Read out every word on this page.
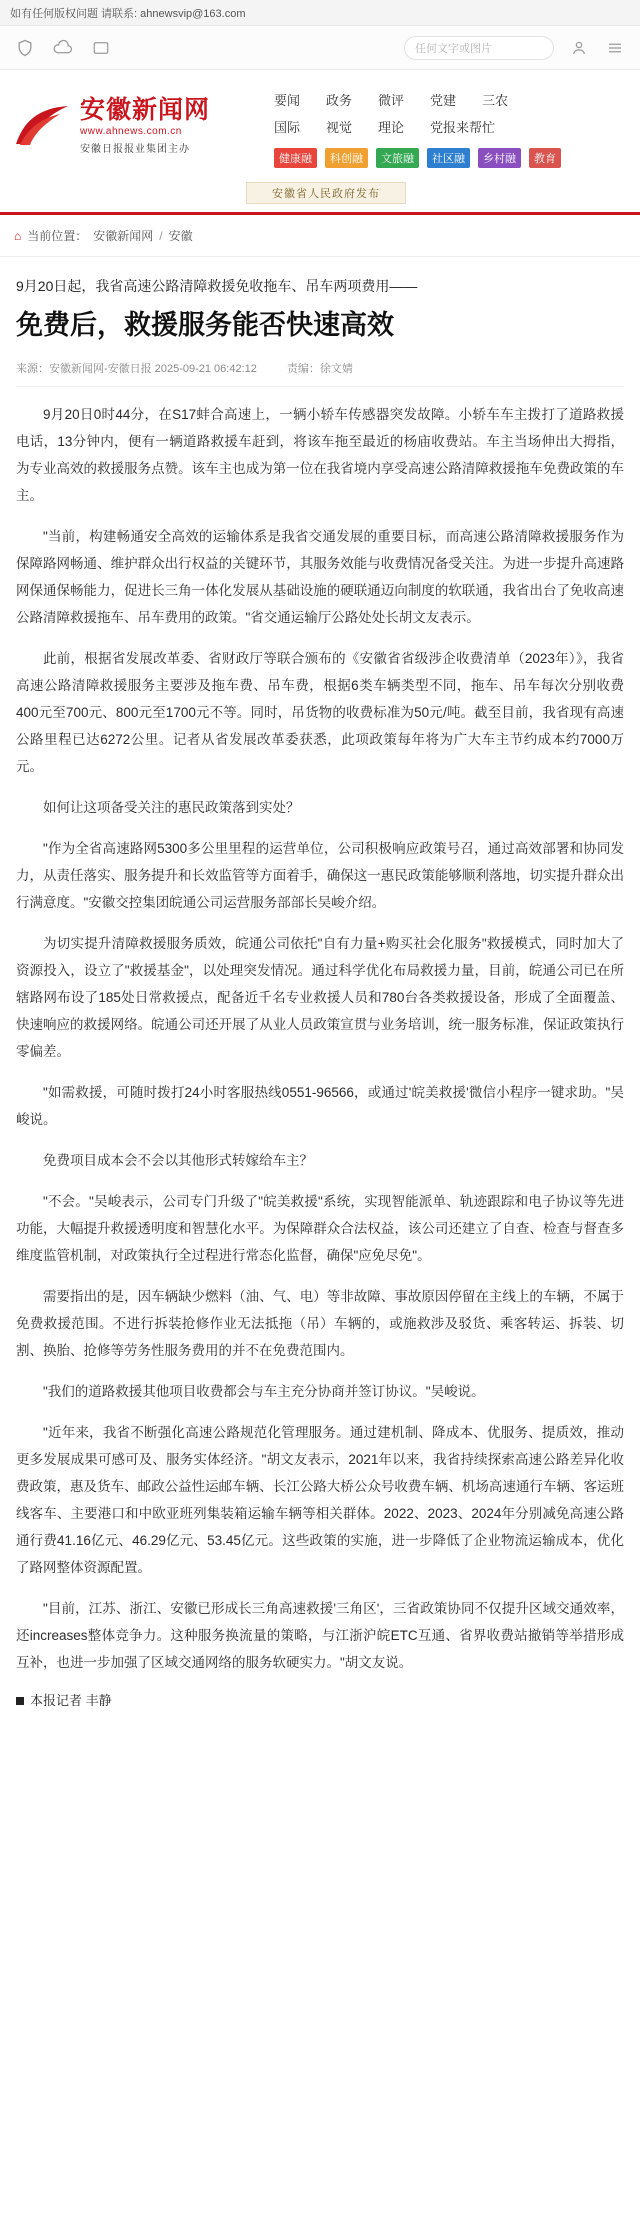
如有任何版权问题 请联系: ahnewsvip@163.com
任何文字或图片
安徽新闻网
www.ahnews.com.cn
安徽日报报业集团主办
要闻 政务 微评 党建 三农
国际 视觉 理论 党报来帮忙
健康融	科创融	文旅融	社区融	乡村融	教育
安徽省人民政府发布
⌂ 当前位置： 安徽新闻网 / 安徽
9月20日起，我省高速公路清障救援免收拖车、吊车两项费用——
免费后，救援服务能否快速高效
来源：安徽新闻网-安徽日报 2025-09-21 06:42:12	责编：徐文婧

9月20日0时44分，在S17蚌合高速上，一辆小轿车传感器突发故障。小轿车车主拨打了道路救援电话，13分钟内，便有一辆道路救援车赶到，将该车拖至最近的杨庙收费站。车主当场伸出大拇指，为专业高效的救援服务点赞。该车主也成为第一位在我省境内享受高速公路清障救援拖车免费政策的车主。

"当前，构建畅通安全高效的运输体系是我省交通发展的重要目标，而高速公路清障救援服务作为保障路网畅通、维护群众出行权益的关键环节，其服务效能与收费情况备受关注。为进一步提升高速路网保通保畅能力，促进长三角一体化发展从基础设施的硬联通迈向制度的软联通，我省出台了免收高速公路清障救援拖车、吊车费用的政策。"省交通运输厅公路处处长胡文友表示。

此前，根据省发展改革委、省财政厅等联合颁布的《安徽省省级涉企收费清单（2023年）》，我省高速公路清障救援服务主要涉及拖车费、吊车费，根据6类车辆类型不同，拖车、吊车每次分别收费400元至700元、800元至1700元不等。同时，吊货物的收费标准为50元/吨。截至目前，我省现有高速公路里程已达6272公里。记者从省发展改革委获悉，此项政策每年将为广大车主节约成本约7000万元。

如何让这项备受关注的惠民政策落到实处？

"作为全省高速路网5300多公里里程的运营单位，公司积极响应政策号召，通过高效部署和协同发力，从责任落实、服务提升和长效监管等方面着手，确保这一惠民政策能够顺利落地，切实提升群众出行满意度。"安徽交控集团皖通公司运营服务部部长吴峻介绍。

为切实提升清障救援服务质效，皖通公司依托"自有力量+购买社会化服务"救援模式，同时加大了资源投入，设立了"救援基金"，以处理突发情况。通过科学优化布局救援力量，目前，皖通公司已在所辖路网布设了185处日常救援点，配备近千名专业救援人员和780台各类救援设备，形成了全面覆盖、快速响应的救援网络。皖通公司还开展了从业人员政策宣贯与业务培训，统一服务标准，保证政策执行零偏差。

"如需救援，可随时拨打24小时客服热线0551-96566，或通过'皖美救援'微信小程序一键求助。"吴峻说。

免费项目成本会不会以其他形式转嫁给车主？

"不会。"吴峻表示，公司专门升级了"皖美救援"系统，实现智能派单、轨迹跟踪和电子协议等先进功能，大幅提升救援透明度和智慧化水平。为保障群众合法权益，该公司还建立了自查、检查与督查多维度监管机制，对政策执行全过程进行常态化监督，确保"应免尽免"。

需要指出的是，因车辆缺少燃料（油、气、电）等非故障、事故原因停留在主线上的车辆，不属于免费救援范围。不进行拆装抢修作业无法抵拖（吊）车辆的，或施救涉及驳货、乘客转运、拆装、切割、换胎、抢修等劳务性服务费用的并不在免费范围内。

"我们的道路救援其他项目收费都会与车主充分协商并签订协议。"吴峻说。

"近年来，我省不断强化高速公路规范化管理服务。通过建机制、降成本、优服务、提质效，推动更多发展成果可感可及、服务实体经济。"胡文友表示，2021年以来，我省持续探索高速公路差异化收费政策，惠及货车、邮政公益性运邮车辆、长江公路大桥公众号收费车辆、机场高速通行车辆、客运班线客车、主要港口和中欧亚班列集装箱运输车辆等相关群体。2022、2023、2024年分别减免高速公路通行费41.16亿元、46.29亿元、53.45亿元。这些政策的实施，进一步降低了企业物流运输成本，优化了路网整体资源配置。

"目前，江苏、浙江、安徽已形成长三角高速救援'三角区'，三省政策协同不仅提升区域交通效率，还increases整体竞争力。这种服务换流量的策略，与江浙沪皖ETC互通、省界收费站撤销等举措形成互补，也进一步加强了区域交通网络的服务软硬实力。"胡文友说。

本报记者 丰静
